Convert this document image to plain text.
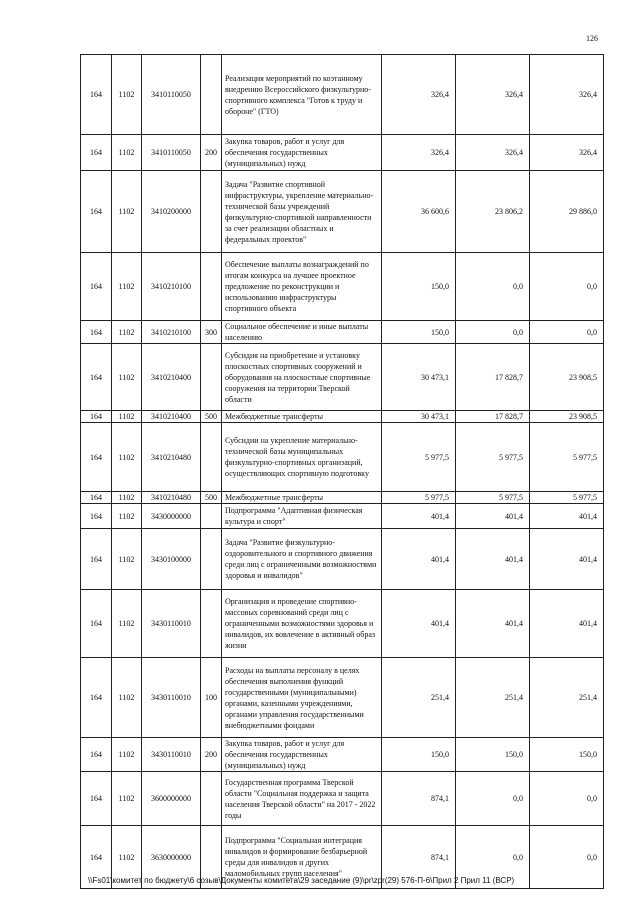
126
164	1102	3410110050		Реализация мероприятий по коэтанному внедрению Всероссийского физкультурно-спортивного комплекса "Готов к труду и обороне" (ГТО)	326,4	326,4	326,4
164	1102	3410110050	200	Закупка товаров, работ и услуг для обеспечения государственных (муниципальных) нужд	326,4	326,4	326,4
164	1102	3410200000		Задача "Развитие спортивной инфраструктуры, укрепление материально-технической базы учреждений физкультурно-спортивной направленности за счет реализации областных и федеральных проектов"	36 600,6	23 806,2	29 886,0
164	1102	3410210100		Обеспечение выплаты вознаграждений по итогам конкурса на лучшее проектное предложение по реконструкции и использованию инфраструктуры спортивного объекта	150,0	0,0	0,0
164	1102	3410210100	300	Социальное обеспечение и иные выплаты населению	150,0	0,0	0,0
164	1102	3410210400		Субсидия на приобретение и установку плоскостных спортивных сооружений и оборудования на плоскостные спортивные сооружения на территории Тверской области	30 473,1	17 828,7	23 908,5
164	1102	3410210400	500	Межбюджетные трансферты	30 473,1	17 828,7	23 908,5
164	1102	3410210480		Субсидии на укрепление материально-технической базы муниципальных физкультурно-спортивных организаций, осуществляющих спортивную подготовку	5 977,5	5 977,5	5 977,5
164	1102	3410210480	500	Межбюджетные трансферты	5 977,5	5 977,5	5 977,5
164	1102	3430000000		Подпрограмма "Адаптивная физическая культура и спорт"	401,4	401,4	401,4
164	1102	3430100000		Задача "Развитие физкультурно-оздоровительного и спортивного движения среди лиц с ограниченными возможностями здоровья и инвалидов"	401,4	401,4	401,4
164	1102	3430110010		Организация и проведение спортивно-массовых соревнований среди лиц с ограниченными возможностями здоровья и инвалидов, их вовлечение в активный образ жизни	401,4	401,4	401,4
164	1102	3430110010	100	Расходы на выплаты персоналу в целях обеспечения выполнения функций государственными (муниципальными) органами, казенными учреждениями, органами управления государственными внебюджетными фондами	251,4	251,4	251,4
164	1102	3430110010	200	Закупка товаров, работ и услуг для обеспечения государственных (муниципальных) нужд	150,0	150,0	150,0
164	1102	3600000000		Государственная программа Тверской области "Социальная поддержка и защита населения Тверской области" на 2017 - 2022 годы	874,1	0,0	0,0
164	1102	3630000000		Подпрограмма "Социальная интеграция инвалидов и формирование безбарьерной среды для инвалидов и других маломобильных групп населения"	874,1	0,0	0,0
\\Fs01\комитет по бюджету\6 созыв\Документы комитета\29 заседание (9)\pr\zpr(29) 576-П-6\Прил 2 Прил 11 (ВСР)
